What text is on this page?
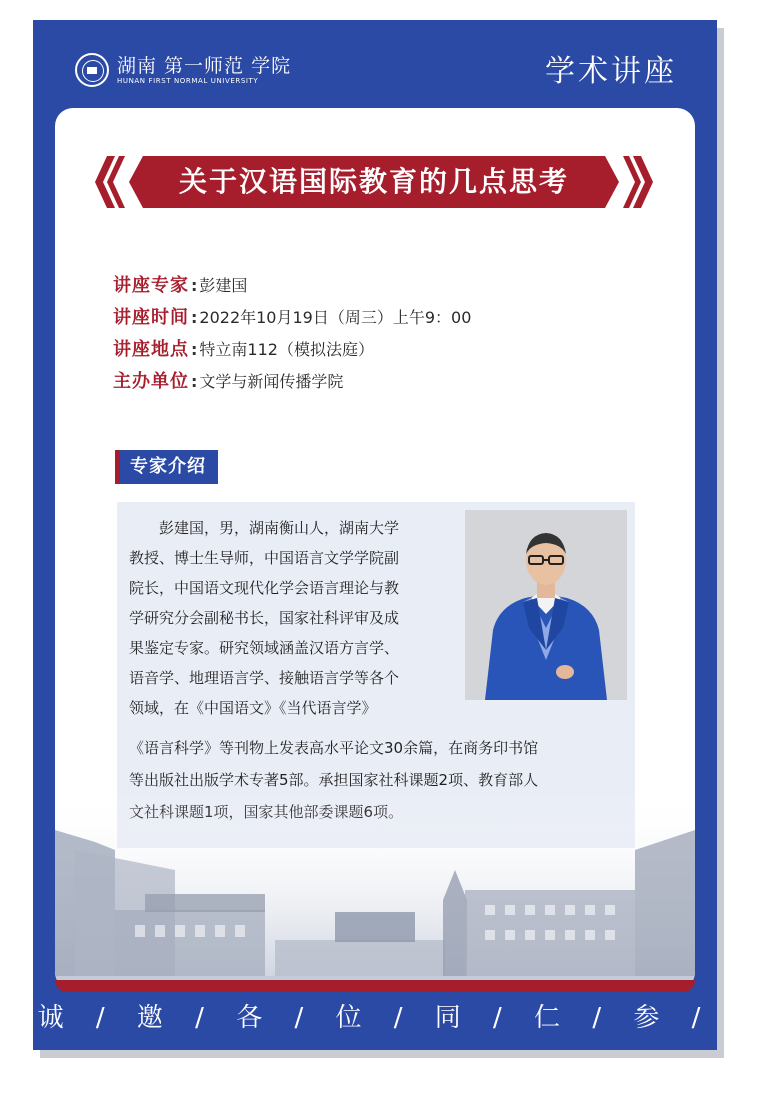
湖南 第一师范 学院
HUNAN FIRST NORMAL UNIVERSITY	学术讲座
关于汉语国际教育的几点思考
讲座专家 : 彭建国
讲座时间 : 2022年10月19日（周三）上午9：00
讲座地点 : 特立南112（模拟法庭）
主办单位 : 文学与新闻传播学院
专家介绍
彭建国，男，湖南衡山人，湖南大学
教授、博士生导师，中国语言文学学院副
院长，中国语文现代化学会语言理论与教
学研究分会副秘书长，国家社科评审及成
果鉴定专家。研究领域涵盖汉语方言学、
语音学、地理语言学、接触语言学等各个
领域，在《中国语文》《当代语言学》
《语言科学》等刊物上发表高水平论文30余篇，在商务印书馆
等出版社出版学术专著5部。承担国家社科课题2项、教育部人
诚 / 邀 / 各 / 位 / 同 / 仁 / 参 / 会
